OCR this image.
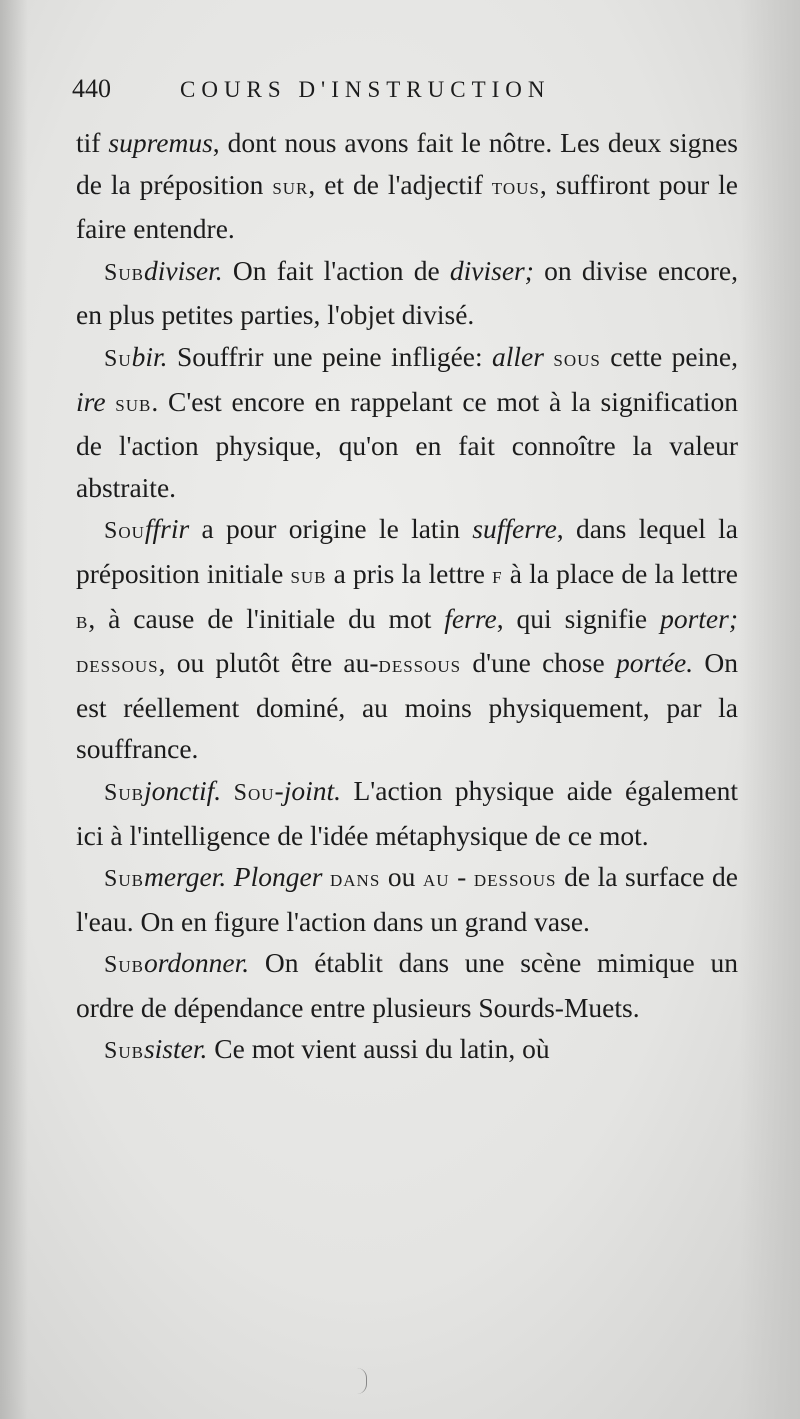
440	COURS D'INSTRUCTION

tif supremus, dont nous avons fait le nôtre. Les deux signes de la préposition sur, et de l'adjectif tous, suffiront pour le faire entendre.

Subdiviser. On fait l'action de diviser; on divise encore, en plus petites parties, l'objet divisé.

Subir. Souffrir une peine infligée: aller sous cette peine, ire sub. C'est encore en rappelant ce mot à la signification de l'action physique, qu'on en fait connoître la valeur abstraite.

Souffrir a pour origine le latin sufferre, dans lequel la préposition initiale sub a pris la lettre f à la place de la lettre b, à cause de l'initiale du mot ferre, qui signifie porter; dessous, ou plutôt être au-dessous d'une chose portée. On est réellement dominé, au moins physiquement, par la souffrance.

Subjonctif. Sou-joint. L'action physique aide également ici à l'intelligence de l'idée métaphysique de ce mot.

Submerger. Plonger dans ou au - dessous de la surface de l'eau. On en figure l'action dans un grand vase.

Subordonner. On établit dans une scène mimique un ordre de dépendance entre plusieurs Sourds-Muets.

Subsister. Ce mot vient aussi du latin, où
